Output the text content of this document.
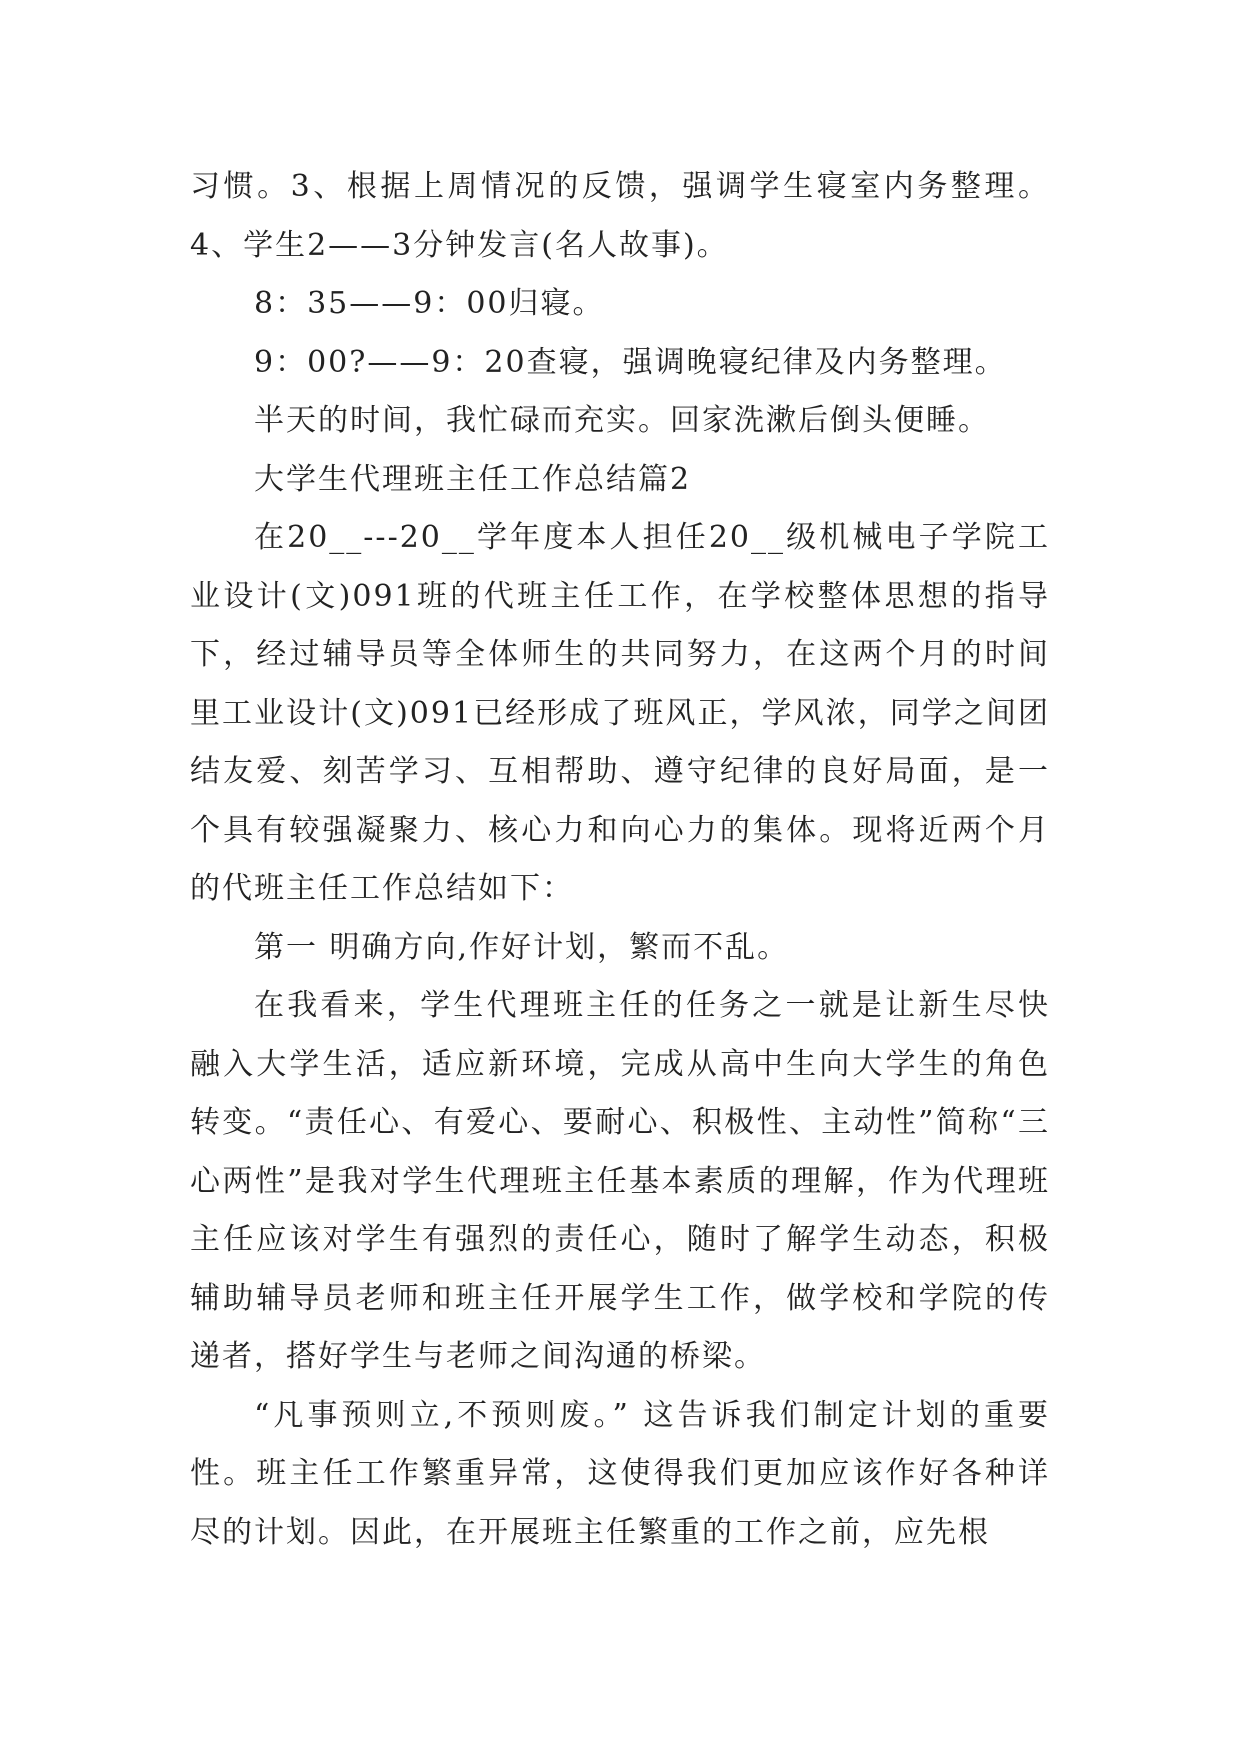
习惯。3、根据上周情况的反馈，强调学生寝室内务整理。4、学生2——3分钟发言(名人故事)。

8：35——9：00归寝。

9：00?——9：20查寝，强调晚寝纪律及内务整理。

半天的时间，我忙碌而充实。回家洗漱后倒头便睡。

大学生代理班主任工作总结篇2

在20__---20__学年度本人担任20__级机械电子学院工业设计(文)091班的代班主任工作，在学校整体思想的指导下，经过辅导员等全体师生的共同努力，在这两个月的时间里工业设计(文)091已经形成了班风正，学风浓，同学之间团结友爱、刻苦学习、互相帮助、遵守纪律的良好局面，是一个具有较强凝聚力、核心力和向心力的集体。现将近两个月的代班主任工作总结如下：

第一 明确方向,作好计划，繁而不乱。

在我看来，学生代理班主任的任务之一就是让新生尽快融入大学生活，适应新环境，完成从高中生向大学生的角色转变。“责任心、有爱心、要耐心、积极性、主动性”简称“三心两性”是我对学生代理班主任基本素质的理解，作为代理班主任应该对学生有强烈的责任心，随时了解学生动态，积极辅助辅导员老师和班主任开展学生工作，做学校和学院的传递者，搭好学生与老师之间沟通的桥梁。

“凡事预则立,不预则废。” 这告诉我们制定计划的重要性。班主任工作繁重异常，这使得我们更加应该作好各种详尽的计划。因此，在开展班主任繁重的工作之前，应先根
